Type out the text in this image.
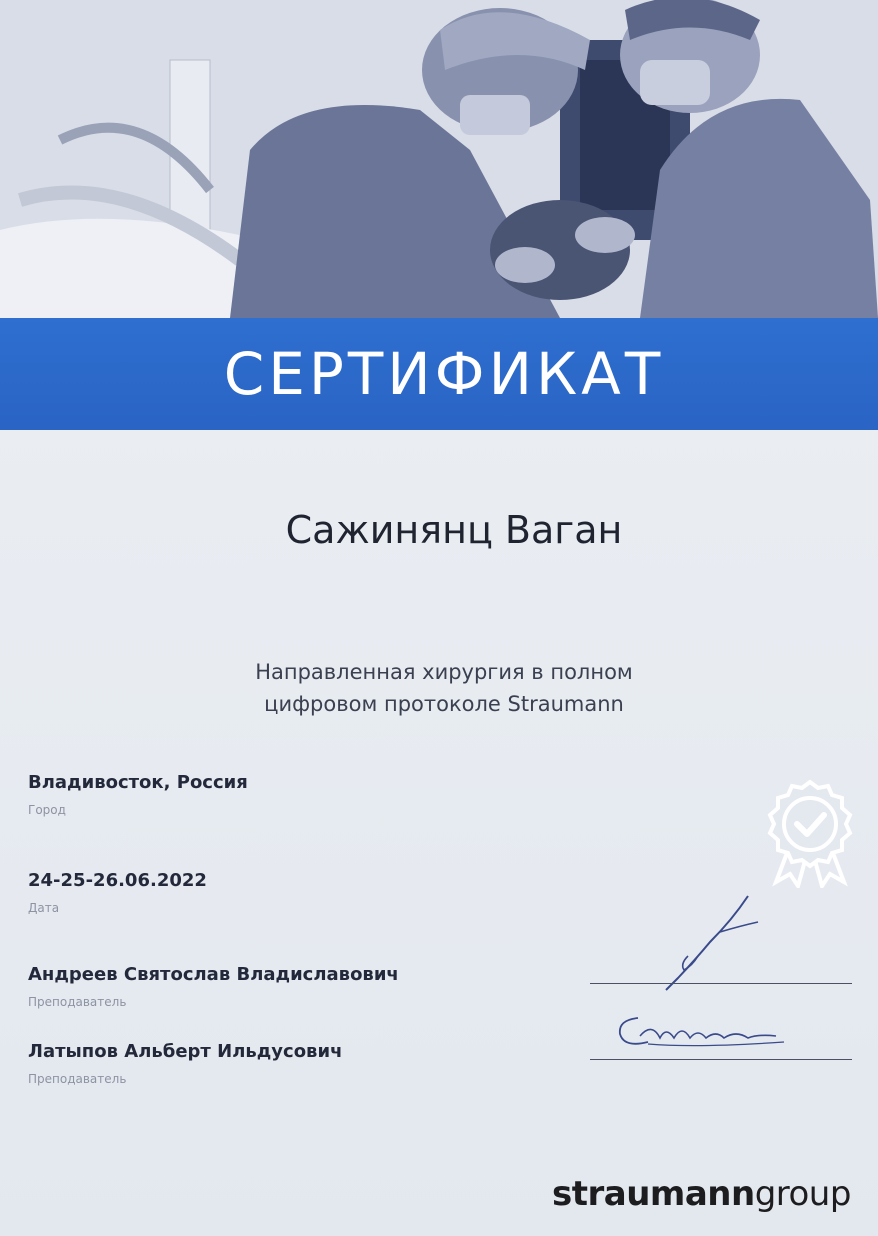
СЕРТИФИКАТ
Сажинянц Ваган
Направленная хирургия в полном
цифровом протоколе Straumann
Владивосток, Россия
Город
24-25-26.06.2022
Дата
Андреев Святослав Владиславович
Преподаватель
Латыпов Альберт Ильдусович
Преподаватель
straumanngroup
